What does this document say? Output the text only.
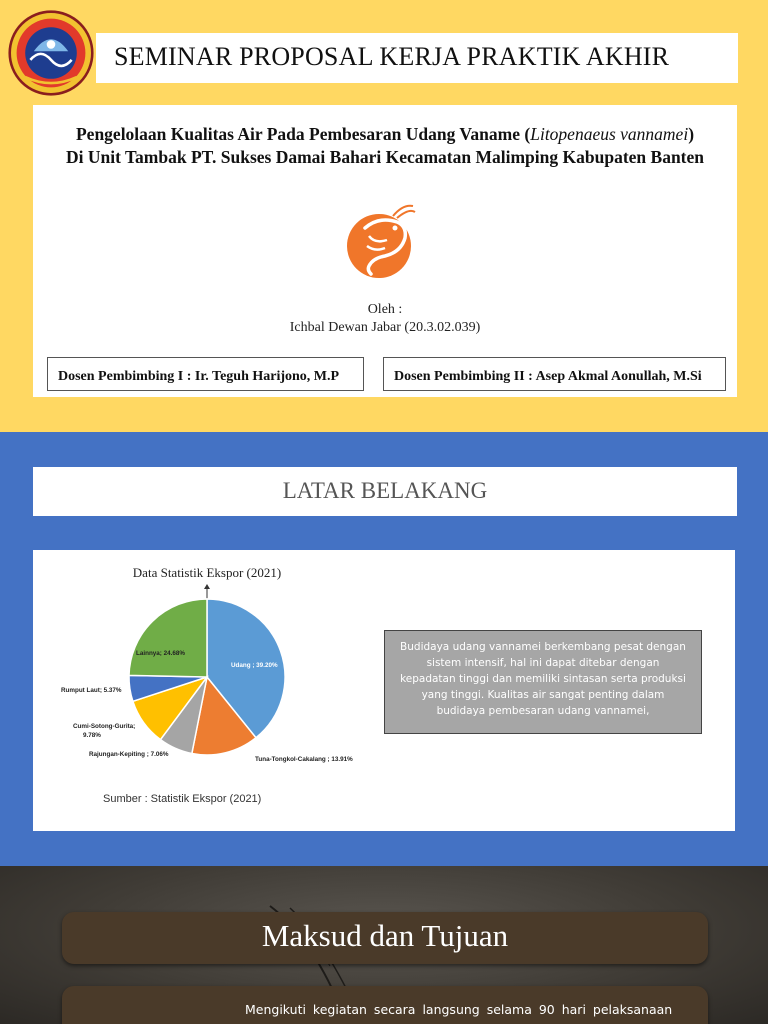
SEMINAR PROPOSAL KERJA PRAKTIK AKHIR
Pengelolaan Kualitas Air Pada Pembesaran Udang Vaname (Litopenaeus vannamei)
Di Unit Tambak PT. Sukses Damai Bahari Kecamatan Malimping Kabupaten Banten
Oleh :
Ichbal Dewan Jabar (20.3.02.039)
Dosen Pembimbing I : Ir. Teguh Harijono, M.P	Dosen Pembimbing II : Asep Akmal Aonullah, M.Si
LATAR BELAKANG
Data Statistik Ekspor (2021)
Udang ; 39.20%
Tuna-Tongkol-Cakalang ; 13.91%
Rajungan-Kepiting ; 7.06%
Cumi-Sotong-Gurita;
9.78%
Rumput Laut; 5.37%
Lainnya; 24.68%
Sumber : Statistik Ekspor (2021)
Budidaya udang vannamei berkembang pesat dengan sistem intensif, hal ini dapat ditebar dengan kepadatan tinggi dan memiliki sintasan serta produksi yang tinggi. Kualitas air sangat penting dalam budidaya pembesaran udang vannamei,
Maksud dan Tujuan
Mengikuti kegiatan secara langsung selama 90 hari pelaksanaan
